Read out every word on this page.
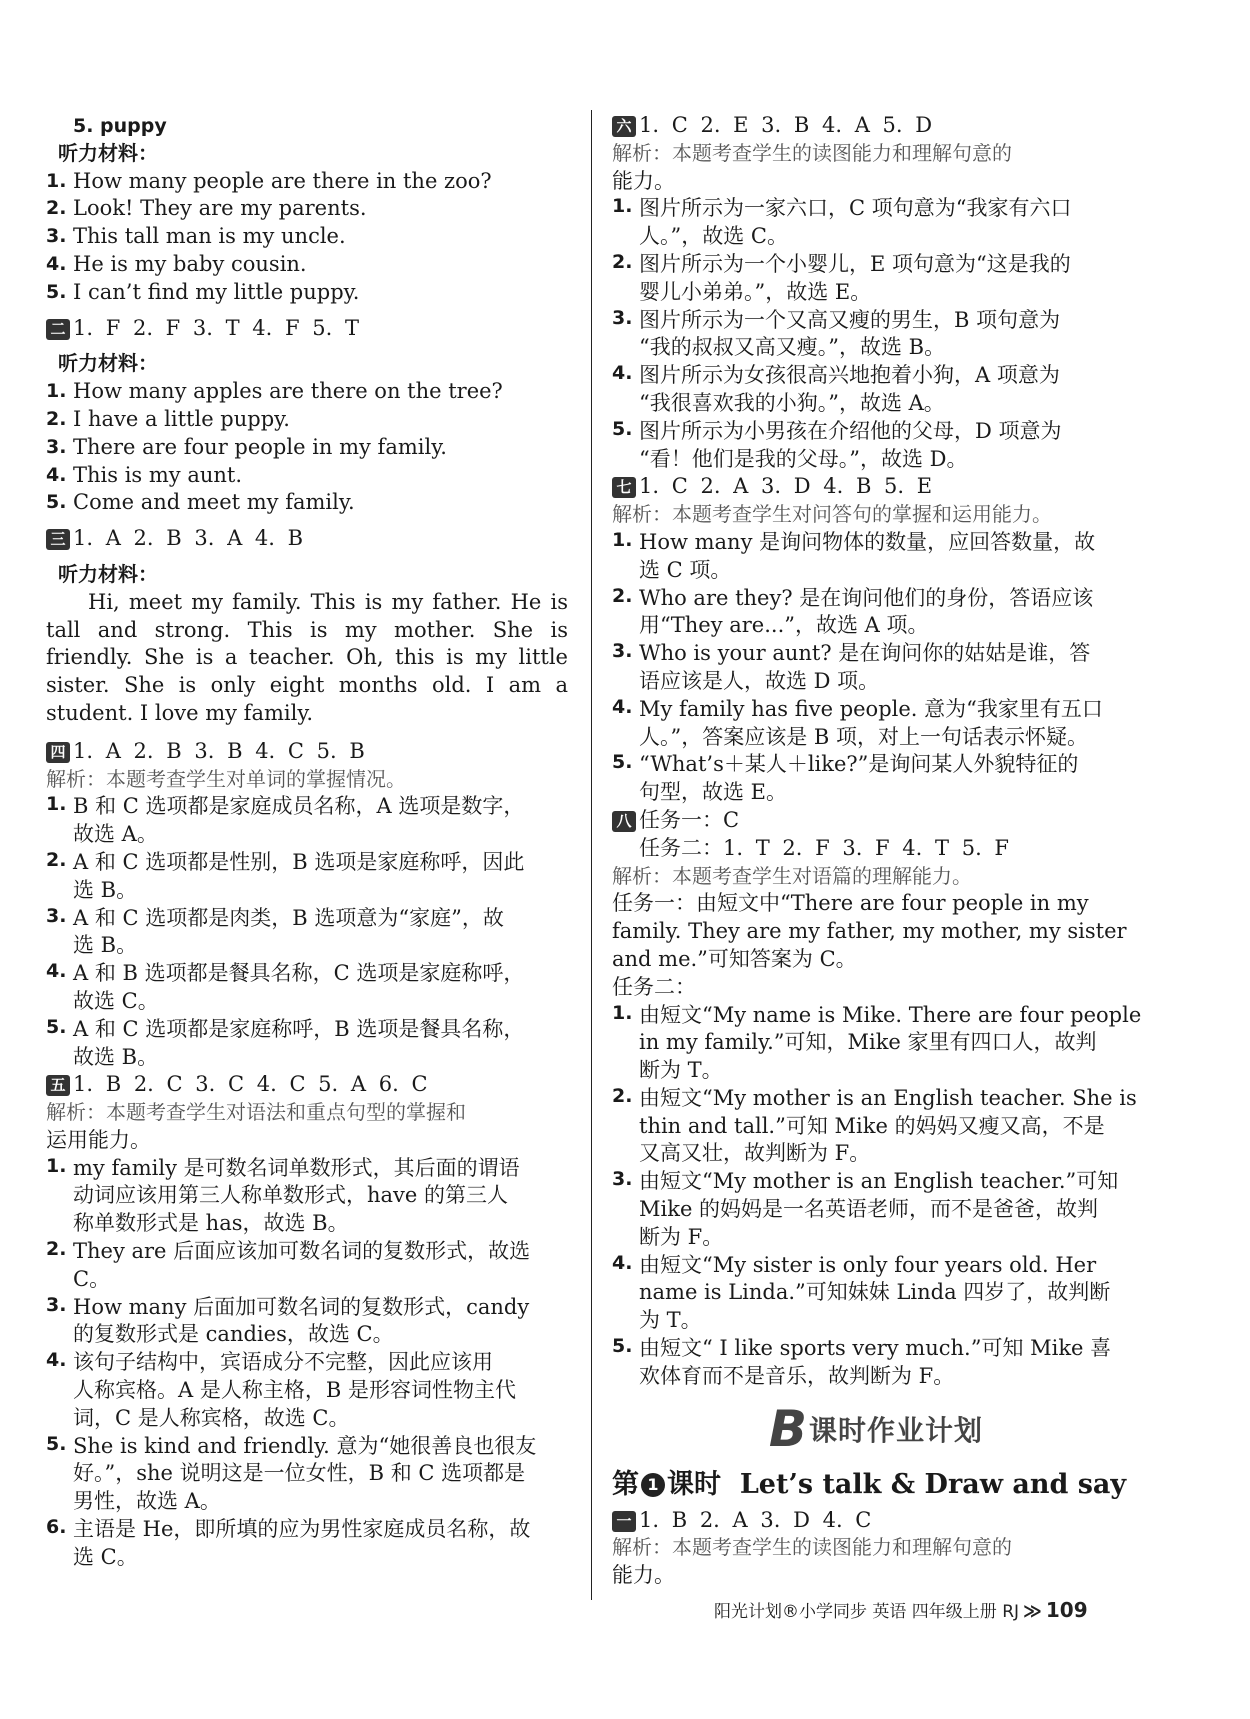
5. puppy
听力材料：
1. How many people are there in the zoo?
2. Look! They are my parents.
3. This tall man is my uncle.
4. He is my baby cousin.
5. I can’t find my little puppy.
二 1. F 2. F 3. T 4. F 5. T
听力材料：
1. How many apples are there on the tree?
2. I have a little puppy.
3. There are four people in my family.
4. This is my aunt.
5. Come and meet my family.
三 1. A 2. B 3. A 4. B
听力材料：
Hi, meet my family. This is my father. He is tall and strong. This is my mother. She is friendly. She is a teacher. Oh, this is my little sister. She is only eight months old. I am a student. I love my family.
四 1. A 2. B 3. B 4. C 5. B
解析：本题考查学生对单词的掌握情况。
1. B 和 C 选项都是家庭成员名称，A 选项是数字，
故选 A。
2. A 和 C 选项都是性别，B 选项是家庭称呼，因此
选 B。
3. A 和 C 选项都是肉类，B 选项意为“家庭”，故
选 B。
4. A 和 B 选项都是餐具名称，C 选项是家庭称呼，
故选 C。
5. A 和 C 选项都是家庭称呼，B 选项是餐具名称，
故选 B。
五 1. B 2. C 3. C 4. C 5. A 6. C
解析：本题考查学生对语法和重点句型的掌握和
运用能力。
1. my family 是可数名词单数形式，其后面的谓语
动词应该用第三人称单数形式，have 的第三人
称单数形式是 has，故选 B。
2. They are 后面应该加可数名词的复数形式，故选
C。
3. How many 后面加可数名词的复数形式，candy
的复数形式是 candies，故选 C。
4. 该句子结构中，宾语成分不完整，因此应该用
人称宾格。A 是人称主格，B 是形容词性物主代
词，C 是人称宾格，故选 C。
5. She is kind and friendly. 意为“她很善良也很友
好。”，she 说明这是一位女性，B 和 C 选项都是
男性，故选 A。
6. 主语是 He，即所填的应为男性家庭成员名称，故
选 C。
六 1. C 2. E 3. B 4. A 5. D
解析：本题考查学生的读图能力和理解句意的
能力。
1. 图片所示为一家六口，C 项句意为“我家有六口
人。”，故选 C。
2. 图片所示为一个小婴儿，E 项句意为“这是我的
婴儿小弟弟。”，故选 E。
3. 图片所示为一个又高又瘦的男生，B 项句意为
“我的叔叔又高又瘦。”，故选 B。
4. 图片所示为女孩很高兴地抱着小狗，A 项意为
“我很喜欢我的小狗。”，故选 A。
5. 图片所示为小男孩在介绍他的父母，D 项意为
“看！他们是我的父母。”，故选 D。
七 1. C 2. A 3. D 4. B 5. E
解析：本题考查学生对问答句的掌握和运用能力。
1. How many 是询问物体的数量，应回答数量，故
选 C 项。
2. Who are they? 是在询问他们的身份，答语应该
用“They are...”，故选 A 项。
3. Who is your aunt? 是在询问你的姑姑是谁，答
语应该是人，故选 D 项。
4. My family has five people. 意为“我家里有五口
人。”，答案应该是 B 项，对上一句话表示怀疑。
5. “What’s＋某人＋like?”是询问某人外貌特征的
句型，故选 E。
八 任务一：C
任务二：1. T 2. F 3. F 4. T 5. F
解析：本题考查学生对语篇的理解能力。
任务一：由短文中“There are four people in my
family. They are my father, my mother, my sister
and me.”可知答案为 C。
任务二：
1. 由短文“My name is Mike. There are four people
in my family.”可知，Mike 家里有四口人，故判
断为 T。
2. 由短文“My mother is an English teacher. She is
thin and tall.”可知 Mike 的妈妈又瘦又高，不是
又高又壮，故判断为 F。
3. 由短文“My mother is an English teacher.”可知
Mike 的妈妈是一名英语老师，而不是爸爸，故判
断为 F。
4. 由短文“My sister is only four years old. Her
name is Linda.”可知妹妹 Linda 四岁了，故判断
为 T。
5. 由短文“ I like sports very much.”可知 Mike 喜
欢体育而不是音乐，故判断为 F。
B 课时作业计划
第 1 课时 Let’s talk & Draw and say
一 1. B 2. A 3. D 4. C
解析：本题考查学生的读图能力和理解句意的
能力。
阳光计划®小学同步 英语 四年级上册 RJ ≫ 109
